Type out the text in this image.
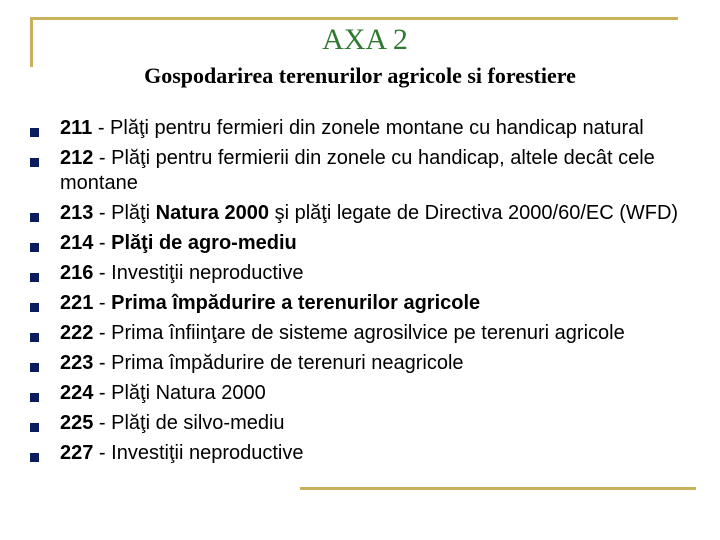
AXA 2
Gospodarirea terenurilor agricole si forestiere
211 - Plăţi pentru fermieri din zonele montane cu handicap natural
212 - Plăţi pentru fermierii din zonele cu handicap, altele decât cele montane
213 - Plăţi Natura 2000 şi plăţi legate de Directiva 2000/60/EC (WFD)
214 - Plăţi de agro-mediu
216 - Investiţii neproductive
221 - Prima împădurire a terenurilor agricole
222 - Prima înfiinţare de sisteme agrosilvice pe terenuri agricole
223 - Prima împădurire de terenuri neagricole
224 - Plăţi Natura 2000
225 - Plăţi de silvo-mediu
227 - Investiţii neproductive
